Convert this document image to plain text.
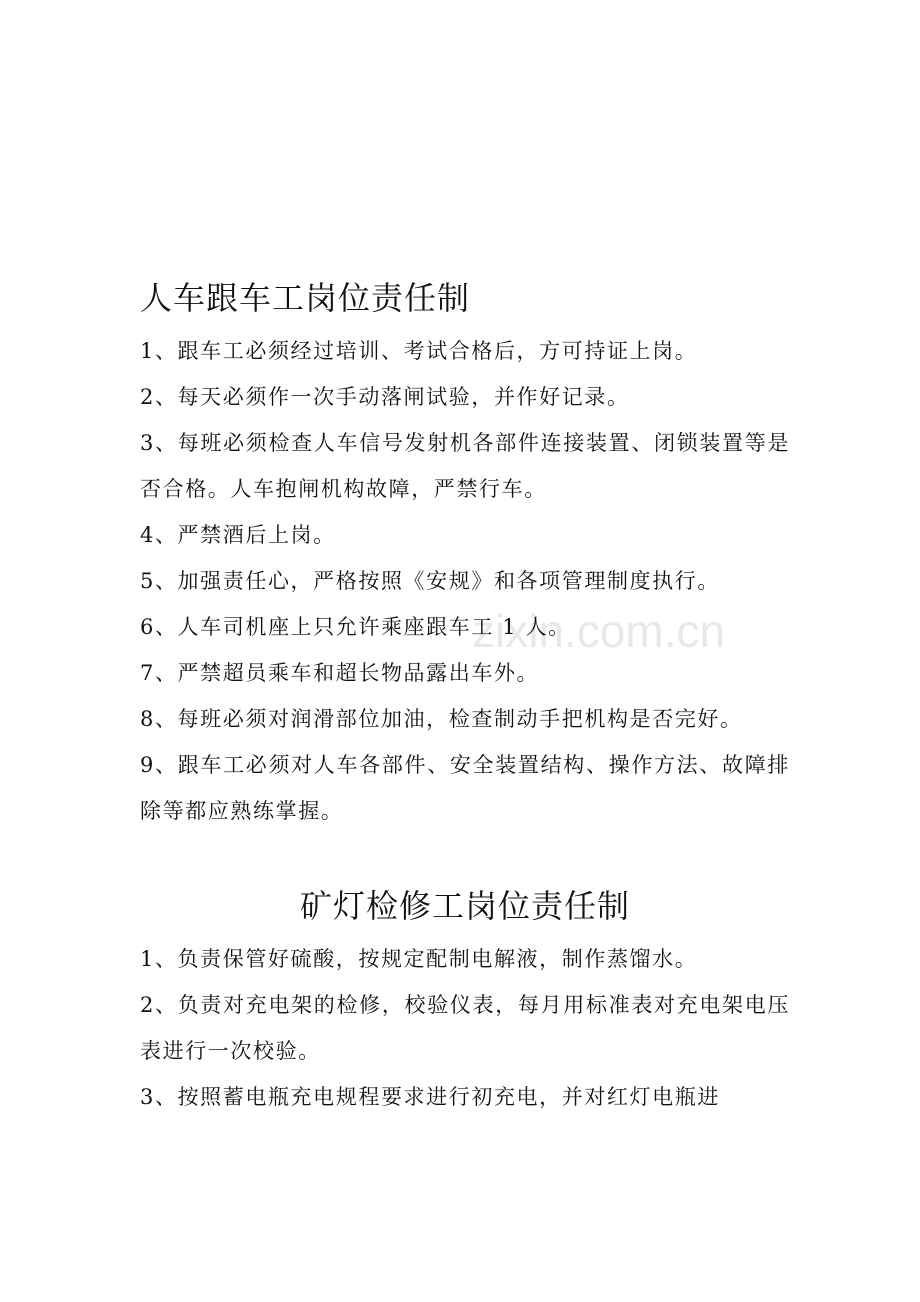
人车跟车工岗位责任制

1、跟车工必须经过培训、考试合格后，方可持证上岗。

2、每天必须作一次手动落闸试验，并作好记录。

3、每班必须检查人车信号发射机各部件连接装置、闭锁装置等是否合格。人车抱闸机构故障，严禁行车。

4、严禁酒后上岗。

5、加强责任心，严格按照《安规》和各项管理制度执行。

6、人车司机座上只允许乘座跟车工 1 人。

7、严禁超员乘车和超长物品露出车外。

8、每班必须对润滑部位加油，检查制动手把机构是否完好。

9、跟车工必须对人车各部件、安全装置结构、操作方法、故障排除等都应熟练掌握。

矿灯检修工岗位责任制

1、负责保管好硫酸，按规定配制电解液，制作蒸馏水。

2、负责对充电架的检修，校验仪表，每月用标准表对充电架电压表进行一次校验。

3、按照蓄电瓶充电规程要求进行初充电，并对红灯电瓶进

zixin.com.cn
